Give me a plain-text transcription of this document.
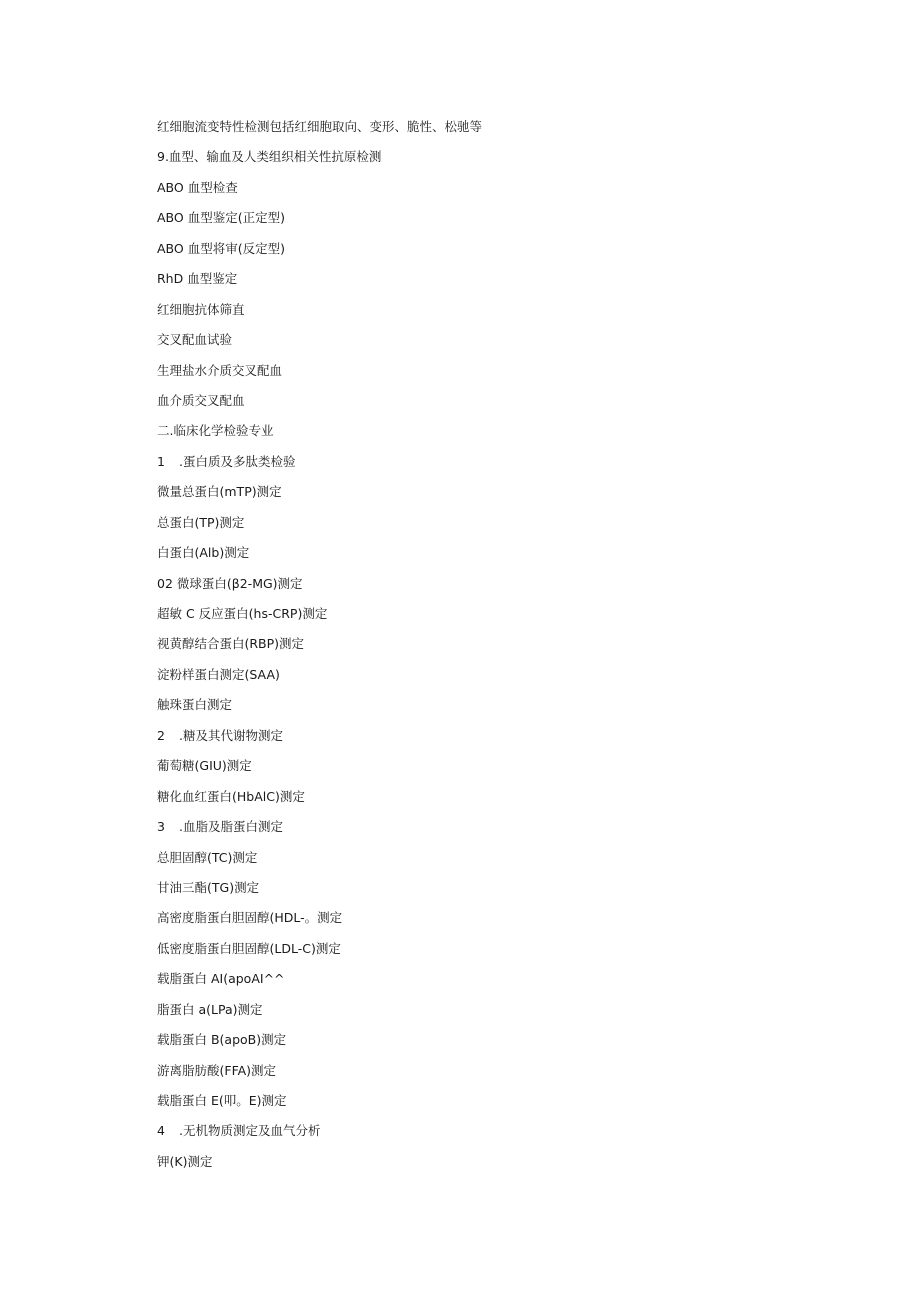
红细胞流变特性检测包括红细胞取向、变形、脆性、松驰等
9.血型、输血及人类组织相关性抗原检测
ABO 血型检查
ABO 血型鉴定(正定型)
ABO 血型将审(反定型)
RhD 血型鉴定
红细胞抗体筛直
交叉配血试验
生理盐水介质交叉配血
血介质交叉配血
二.临床化学检验专业
1 .蛋白质及多肽类检验
微量总蛋白(mTP)测定
总蛋白(TP)测定
白蛋白(Alb)测定
02 微球蛋白(β2-MG)测定
超敏 C 反应蛋白(hs-CRP)测定
视黄醇结合蛋白(RBP)测定
淀粉样蛋白测定(SAA)
触珠蛋白测定
2 .糖及其代谢物测定
葡萄糖(GIU)测定
糖化血红蛋白(HbAlC)测定
3 .血脂及脂蛋白测定
总胆固醇(TC)测定
甘油三酯(TG)测定
高密度脂蛋白胆固醇(HDL-。测定
低密度脂蛋白胆固醇(LDL-C)测定
载脂蛋白 AI(apoAI^^
脂蛋白 a(LPa)测定
载脂蛋白 B(apoB)测定
游离脂肪酸(FFA)测定
载脂蛋白 E(叩。E)测定
4 .无机物质测定及血气分析
钾(K)测定
